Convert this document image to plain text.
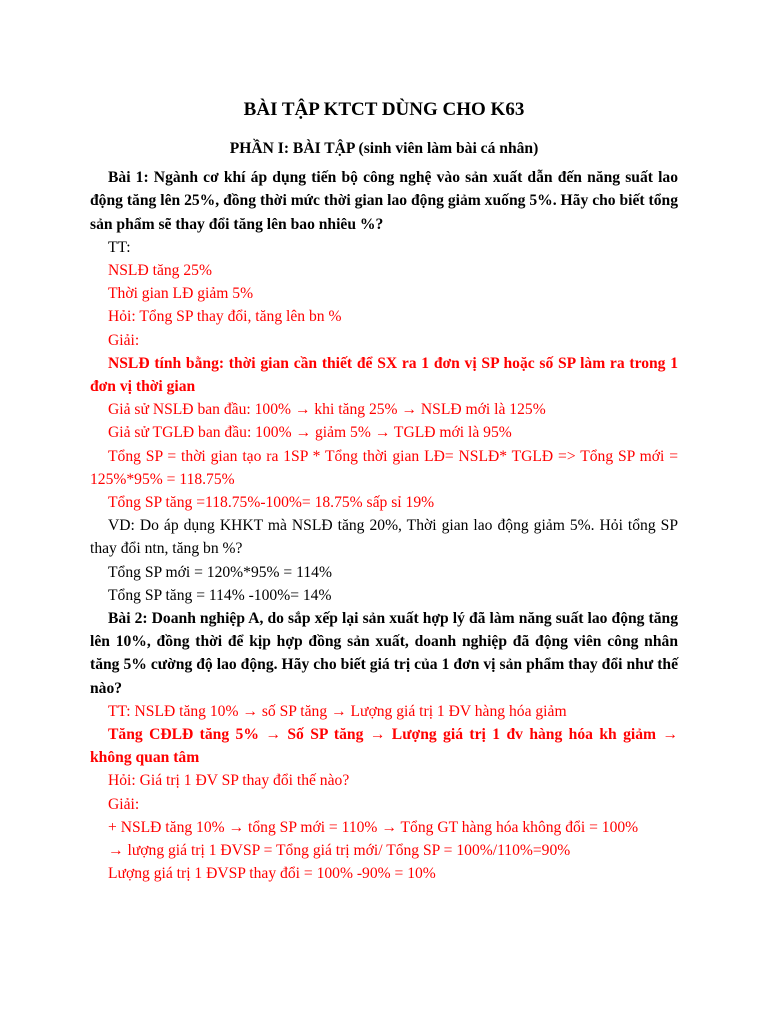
BÀI TẬP KTCT DÙNG CHO K63
PHẦN I: BÀI TẬP (sinh viên làm bài cá nhân)

Bài 1: Ngành cơ khí áp dụng tiến bộ công nghệ vào sản xuất dẫn đến năng suất lao động tăng lên 25%, đồng thời mức thời gian lao động giảm xuống 5%. Hãy cho biết tổng sản phẩm sẽ thay đổi tăng lên bao nhiêu %?

TT:

NSLĐ tăng 25%

Thời gian LĐ giảm 5%

Hỏi: Tổng SP thay đổi, tăng lên bn %

Giải:

NSLĐ tính bằng: thời gian cần thiết để SX ra 1 đơn vị SP hoặc số SP làm ra trong 1 đơn vị thời gian

Giả sử NSLĐ ban đầu: 100% → khi tăng 25% → NSLĐ mới là 125%

Giả sử TGLĐ ban đầu: 100% → giảm 5% → TGLĐ mới là 95%

Tổng SP = thời gian tạo ra 1SP * Tổng thời gian LĐ= NSLĐ* TGLĐ => Tổng SP mới = 125%*95% = 118.75%

Tổng SP tăng =118.75%-100%= 18.75% sấp sỉ 19%

VD: Do áp dụng KHKT mà NSLĐ tăng 20%, Thời gian lao động giảm 5%. Hỏi tổng SP thay đổi ntn, tăng bn %?

Tổng SP mới = 120%*95% = 114%

Tổng SP tăng = 114% -100%= 14%

Bài 2: Doanh nghiệp A, do sắp xếp lại sản xuất hợp lý đã làm năng suất lao động tăng lên 10%, đồng thời để kịp hợp đồng sản xuất, doanh nghiệp đã động viên công nhân tăng 5% cường độ lao động. Hãy cho biết giá trị của 1 đơn vị sản phẩm thay đổi như thế nào?

TT: NSLĐ tăng 10% → số SP tăng → Lượng giá trị 1 ĐV hàng hóa giảm

Tăng CĐLĐ tăng 5% → Số SP tăng → Lượng giá trị 1 đv hàng hóa kh giảm → không quan tâm

Hỏi: Giá trị 1 ĐV SP thay đổi thế nào?

Giải:

+ NSLĐ tăng 10% → tổng SP mới = 110% → Tổng GT hàng hóa không đổi = 100%

→ lượng giá trị 1 ĐVSP = Tổng giá trị mới/ Tổng SP = 100%/110%=90%

Lượng giá trị 1 ĐVSP thay đổi = 100% -90% = 10%
